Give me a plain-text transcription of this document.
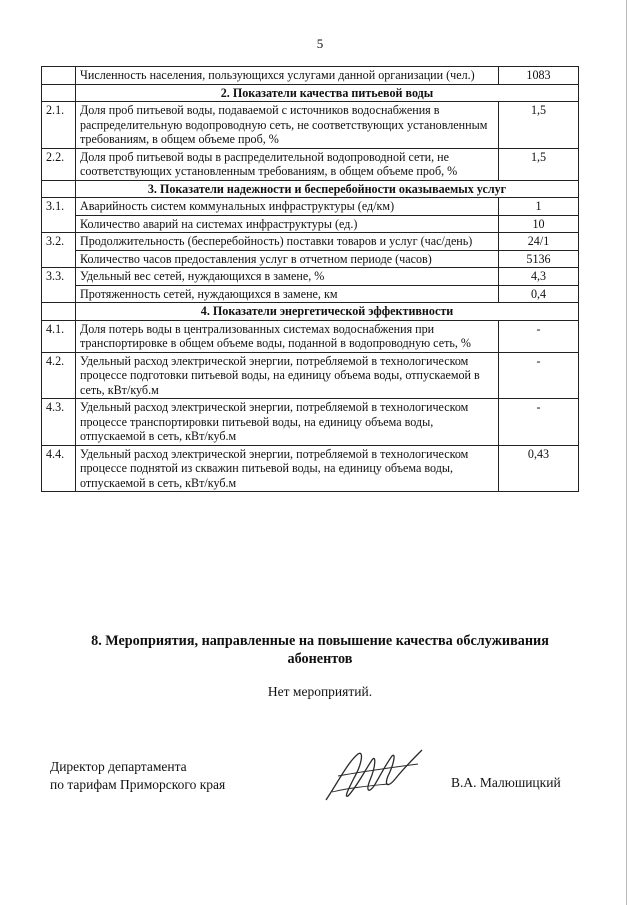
5
	Численность населения, пользующихся услугами данной организации (чел.)	1083
	2. Показатели качества питьевой воды	
2.1.	Доля проб питьевой воды, подаваемой с источников водоснабжения в распределительную водопроводную сеть, не соответствующих установленным требованиям, в общем объеме проб, %	1,5
2.2.	Доля проб питьевой воды в распределительной водопроводной сети, не соответствующих установленным требованиям, в общем объеме проб, %	1,5
	3. Показатели надежности и бесперебойности оказываемых услуг	
3.1.	Аварийность систем коммунальных инфраструктуры (ед/км)	1
	Количество аварий на системах инфраструктуры (ед.)	10
3.2.	Продолжительность (бесперебойность) поставки товаров и услуг (час/день)	24/1
	Количество часов предоставления услуг в отчетном периоде (часов)	5136
3.3.	Удельный вес сетей, нуждающихся в замене, %	4,3
	Протяженность сетей, нуждающихся в замене, км	0,4
	4. Показатели энергетической эффективности	
4.1.	Доля потерь воды в централизованных системах водоснабжения при транспортировке в общем объеме воды, поданной в водопроводную сеть, %	-
4.2.	Удельный расход электрической энергии, потребляемой в технологическом процессе подготовки питьевой воды, на единицу объема воды, отпускаемой в сеть, кВт/куб.м	-
4.3.	Удельный расход электрической энергии, потребляемой в технологическом процессе транспортировки питьевой воды, на единицу объема воды, отпускаемой в сеть, кВт/куб.м	-
4.4.	Удельный расход электрической энергии, потребляемой в технологическом процессе поднятой из скважин питьевой воды, на единицу объема воды, отпускаемой в сеть, кВт/куб.м	0,43
8. Мероприятия, направленные на повышение качества обслуживания абонентов
Нет мероприятий.
Директор департамента
по тарифам Приморского края	В.А. Малюшицкий
